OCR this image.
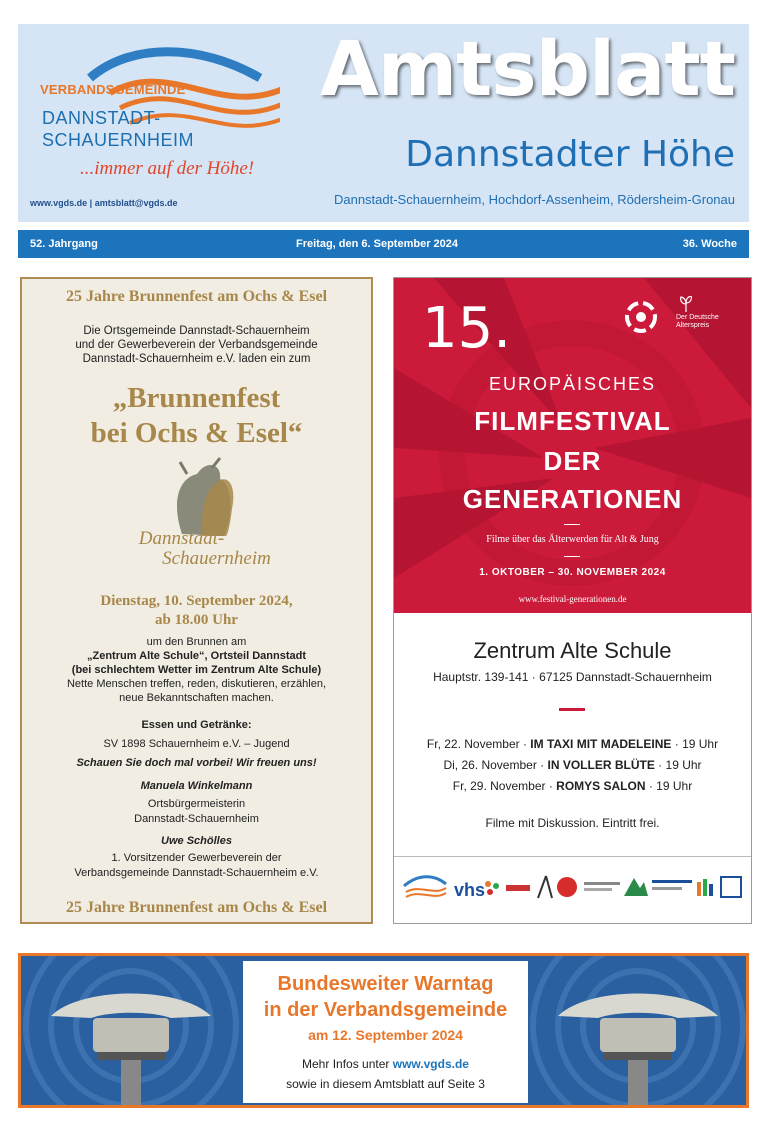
VERBANDSGEMEINDE
DANNSTADT-
SCHAUERNHEIM
...immer auf der Höhe!
www.vgds.de | amtsblatt@vgds.de
Amtsblatt
Dannstadter Höhe
Dannstadt-Schauernheim, Hochdorf-Assenheim, Rödersheim-Gronau
52. Jahrgang	Freitag, den 6. September 2024	36. Woche
25 Jahre Brunnenfest am Ochs & Esel
Die Ortsgemeinde Dannstadt-Schauernheim
und der Gewerbeverein der Verbandsgemeinde
Dannstadt-Schauernheim e.V. laden ein zum
„Brunnenfest
bei Ochs & Esel“
Dannstadt-
Schauernheim
Dienstag, 10. September 2024,
ab 18.00 Uhr
um den Brunnen am
„Zentrum Alte Schule“, Ortsteil Dannstadt
(bei schlechtem Wetter im Zentrum Alte Schule)
Nette Menschen treffen, reden, diskutieren, erzählen,
neue Bekanntschaften machen.
Essen und Getränke:
SV 1898 Schauernheim e.V. – Jugend
Schauen Sie doch mal vorbei! Wir freuen uns!
Manuela Winkelmann
Ortsbürgermeisterin
Dannstadt-Schauernheim
Uwe Schölles
1. Vorsitzender Gewerbeverein der
Verbandsgemeinde Dannstadt-Schauernheim e.V.
25 Jahre Brunnenfest am Ochs & Esel
15.	Der Deutsche Alterspreis
EUROPÄISCHES
FILMFESTIVAL
DER
GENERATIONEN
Filme über das Älterwerden für Alt & Jung
1. OKTOBER – 30. NOVEMBER 2024
www.festival-generationen.de
Zentrum Alte Schule
Hauptstr. 139-141 · 67125 Dannstadt-Schauernheim
Fr, 22. November · IM TAXI MIT MADELEINE · 19 Uhr
Di, 26. November · IN VOLLER BLÜTE · 19 Uhr
Fr, 29. November · ROMYS SALON · 19 Uhr
Filme mit Diskussion. Eintritt frei.
vhs
Bundesweiter Warntag
in der Verbandsgemeinde
am 12. September 2024
Mehr Infos unter www.vgds.de
sowie in diesem Amtsblatt auf Seite 3
